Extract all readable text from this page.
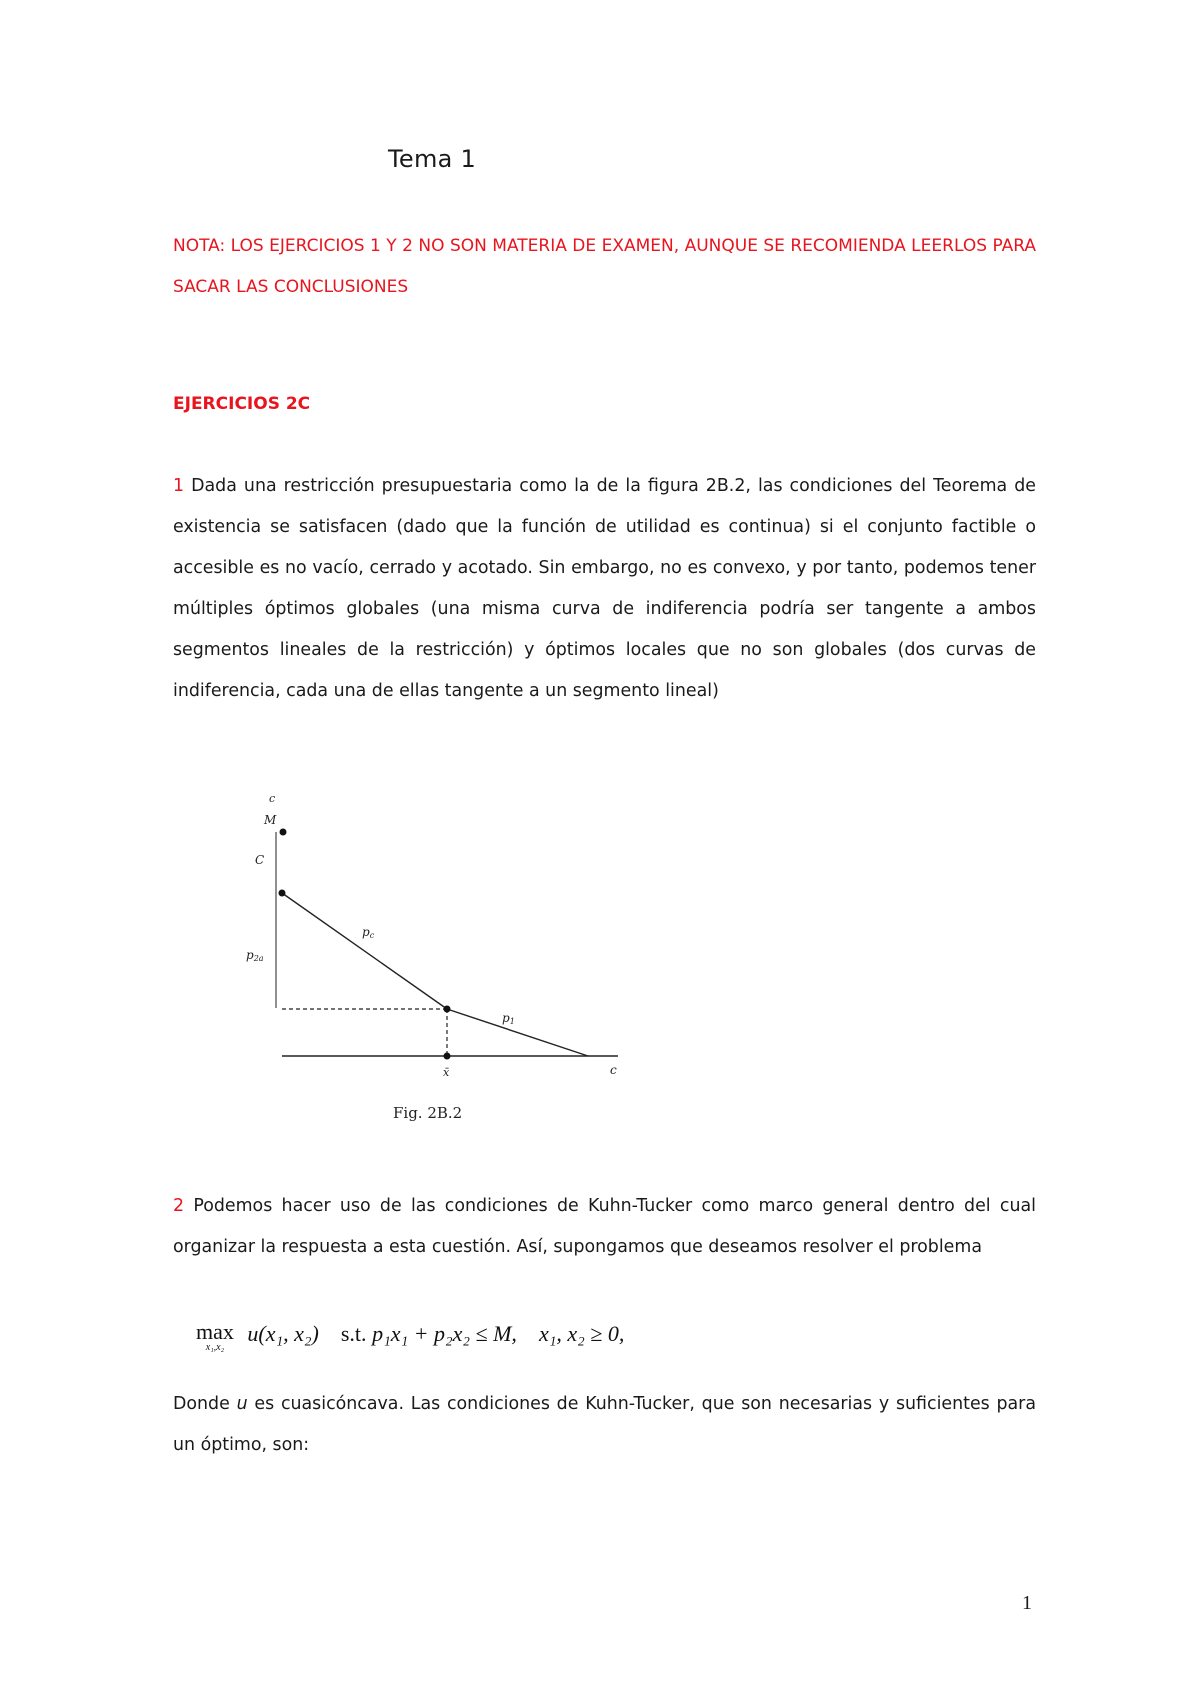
Tema 1

NOTA: LOS EJERCICIOS 1 Y 2 NO SON MATERIA DE EXAMEN, AUNQUE SE RECOMIENDA LEERLOS PARA SACAR LAS CONCLUSIONES

EJERCICIOS 2C

1 Dada una restricción presupuestaria como la de la figura 2B.2, las condiciones del Teorema de existencia se satisfacen (dado que la función de utilidad es continua) si el conjunto factible o accesible es no vacío, cerrado y acotado. Sin embargo, no es convexo, y por tanto, podemos tener múltiples óptimos globales (una misma curva de indiferencia podría ser tangente a ambos segmentos lineales de la restricción) y óptimos locales que no son globales (dos curvas de indiferencia, cada una de ellas tangente a un segmento lineal)

c
M
C
p2a
pc
p1
x̄	c
Fig. 2B.2

2 Podemos hacer uso de las condiciones de Kuhn-Tucker como marco general dentro del cual organizar la respuesta a esta cuestión. Así, supongamos que deseamos resolver el problema

max
x₁,x₂
u(x₁, x₂) s.t. p₁x₁ + p₂x₂ ≤ M, x₁, x₂ ≥ 0,

Donde u es cuasicóncava. Las condiciones de Kuhn-Tucker, que son necesarias y suficientes para un óptimo, son:

1
